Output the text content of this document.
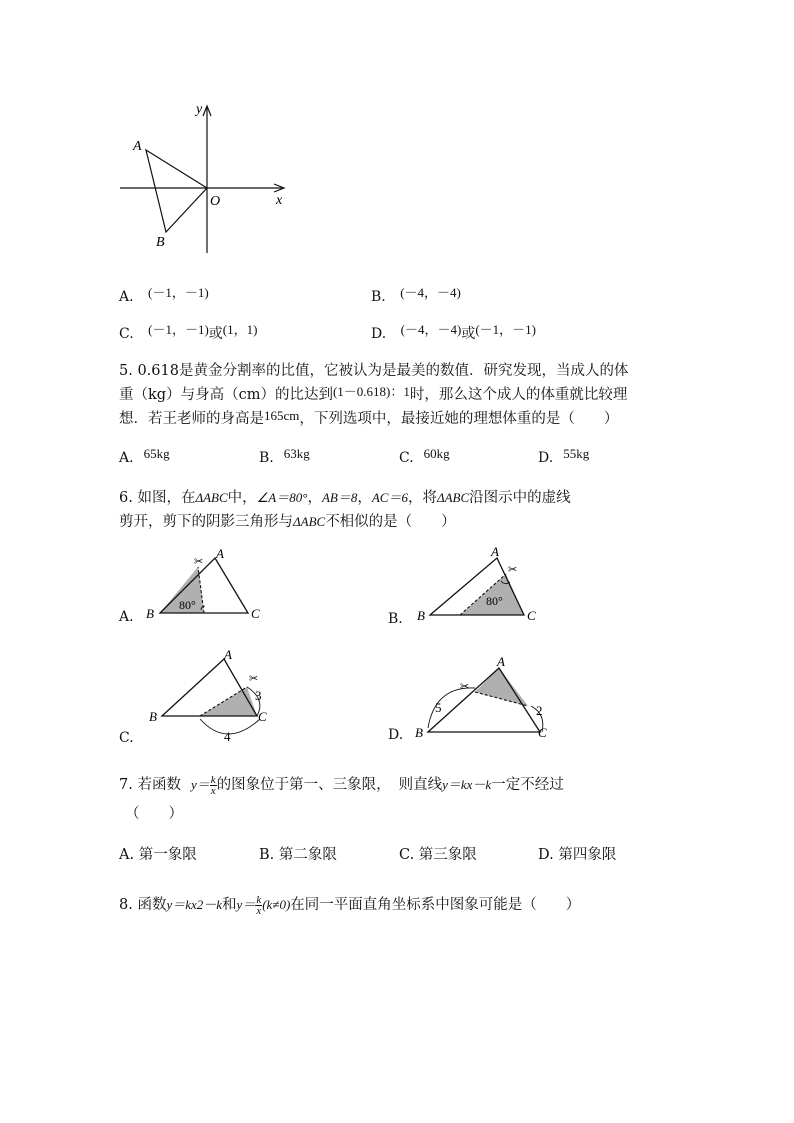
y
x
O
A
B
A. (－1，－1)	B. (－4，－4)
C. (－1，－1)或(1，1)	D. (－4，－4)或(－1，－1)
5. 0.618是黄金分割率的比值，它被认为是最美的数值．研究发现，当成人的体
重（kg）与身高（cm）的比达到(1－0.618)：1时，那么这个成人的体重就比较理
想．若王老师的身高是165cm，下列选项中，最接近她的理想体重的是（　　）
A. 65kg	B. 63kg	C. 60kg	D. 55kg
6. 如图，在ΔABC中，∠A＝80°，AB＝8，AC＝6，将ΔABC沿图示中的虚线
剪开，剪下的阴影三角形与ΔABC不相似的是（　　）
A.
✂
A
B	C
80°
B.
✂
A
B	C
80°
C.
✂
A
B	C
3
4	D.
✂
A
B	C
5	2
7. 若函数 $y= \frac{k}{x}$ 的图象位于第一、三象限， 则直线y＝kx－k一定不经过
（　　）
A. 第一象限	B. 第二象限	C. 第三象限	D. 第四象限
8. 函数y＝kx2－k和$y= \frac{k}{x} (k\ne 0)$在同一平面直角坐标系中图象可能是（　　）
